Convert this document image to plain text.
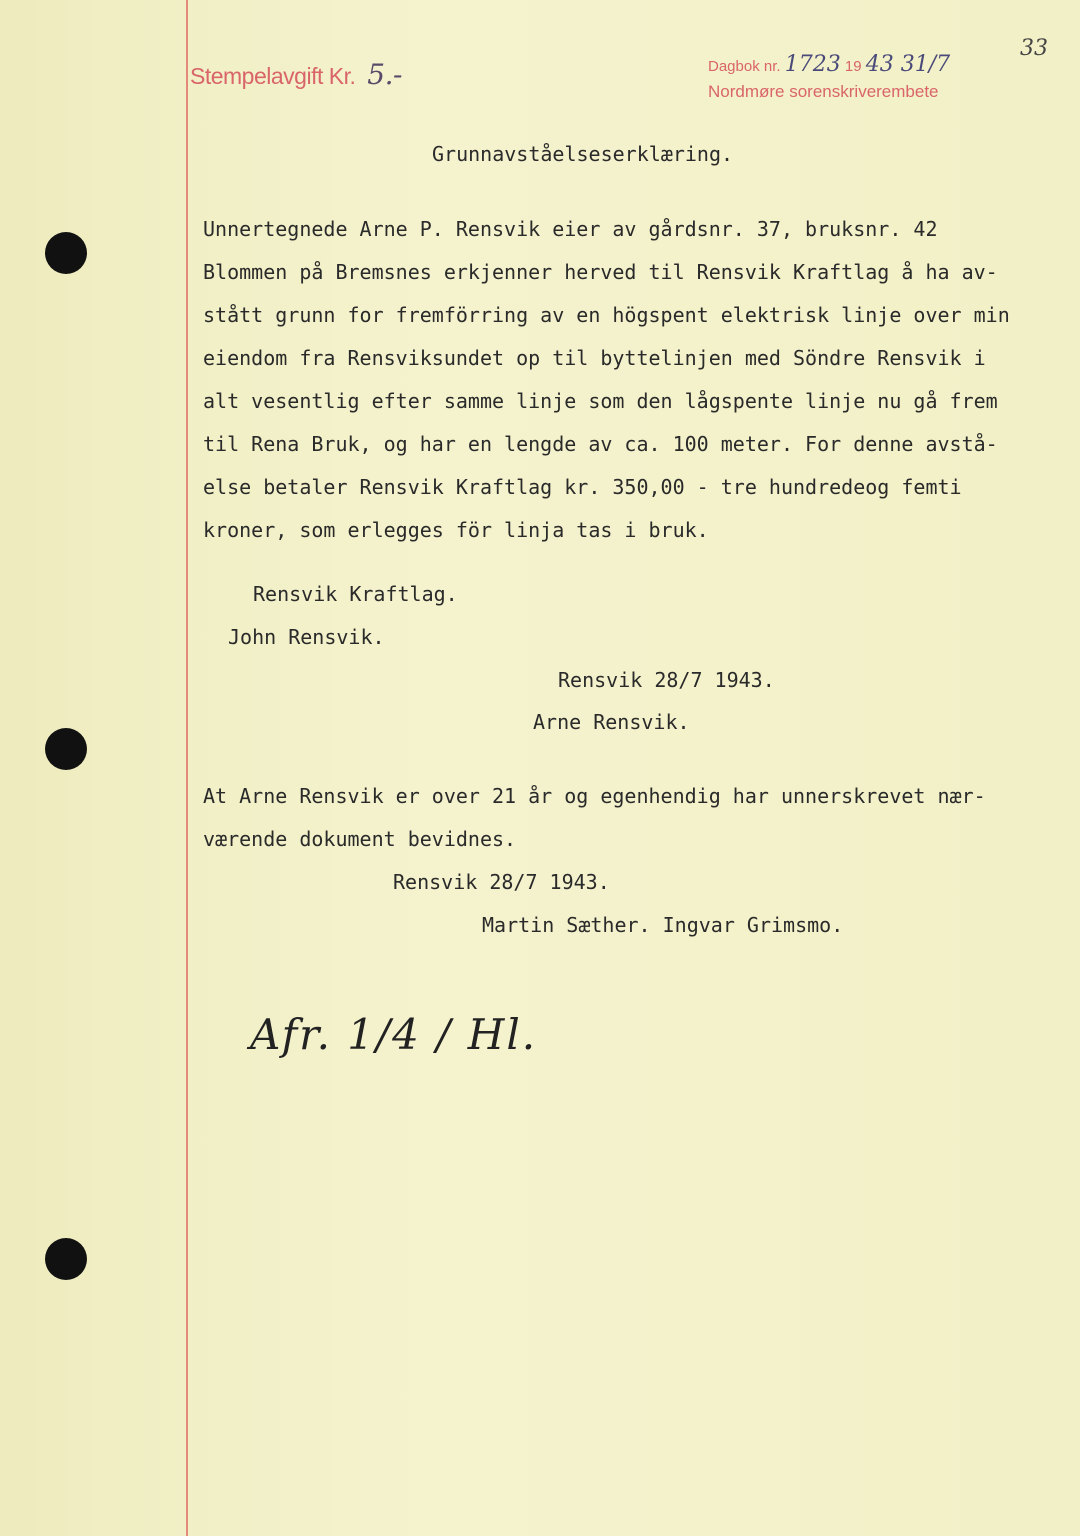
Stempelavgift Kr. 5.-	Dagbok nr. 1723 19 43 31/7
Nordmøre sorenskriverembete
33
Grunnavståelseserklæring.
Unnertegnede Arne P. Rensvik eier av gårdsnr. 37, bruksnr. 42
Blommen på Bremsnes erkjenner herved til Rensvik Kraftlag å ha av-
stått grunn for fremförring av en högspent elektrisk linje over min
eiendom fra Rensviksundet op til byttelinjen med Söndre Rensvik i
alt vesentlig efter samme linje som den lågspente linje nu gå frem
til Rena Bruk, og har en lengde av ca. 100 meter. For denne avstå-
else betaler Rensvik Kraftlag kr. 350,00 - tre hundredeog femti
kroner, som erlegges för linja tas i bruk.
Rensvik Kraftlag.
John Rensvik.
Rensvik 28/7 1943.
Arne Rensvik.
At Arne Rensvik er over 21 år og egenhendig har unnerskrevet nær-
værende dokument bevidnes.
Rensvik 28/7 1943.
Martin Sæther. Ingvar Grimsmo.
Afr. 1/4 / Hl.
